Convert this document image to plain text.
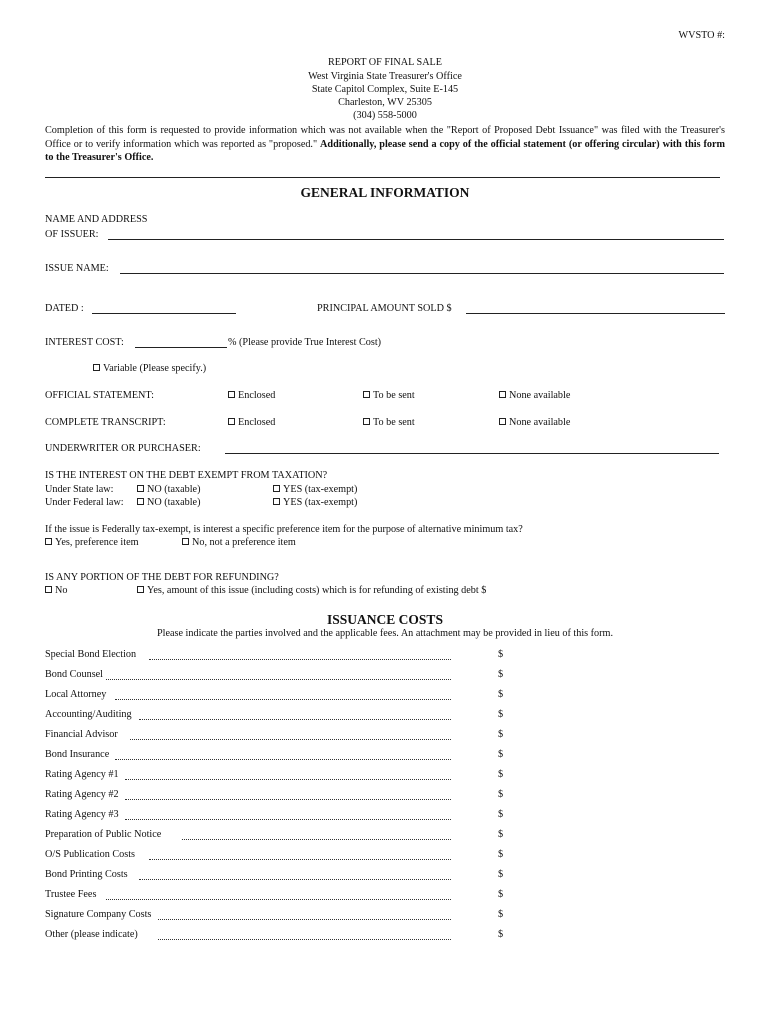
WVSTO #:
REPORT OF FINAL SALE
West Virginia State Treasurer's Office
State Capitol Complex, Suite E-145
Charleston, WV 25305
(304) 558-5000
Completion of this form is requested to provide information which was not available when the "Report of Proposed Debt Issuance" was filed with the Treasurer's Office or to verify information which was reported as "proposed." Additionally, please send a copy of the official statement (or offering circular) with this form to the Treasurer's Office.
GENERAL INFORMATION
NAME AND ADDRESS
OF ISSUER:
ISSUE NAME:
DATED :	PRINCIPAL AMOUNT SOLD $
INTEREST COST:	% (Please provide True Interest Cost)
Variable (Please specify.)
OFFICIAL STATEMENT:	Enclosed	To be sent	None available
COMPLETE TRANSCRIPT:	Enclosed	To be sent	None available
UNDERWRITER OR PURCHASER:
IS THE INTEREST ON THE DEBT EXEMPT FROM TAXATION?
Under State law:	NO (taxable)	YES (tax-exempt)
Under Federal law:	NO (taxable)	YES (tax-exempt)
If the issue is Federally tax-exempt, is interest a specific preference item for the purpose of alternative minimum tax?
Yes, preference item	No, not a preference item
IS ANY PORTION OF THE DEBT FOR REFUNDING?
No	Yes, amount of this issue (including costs) which is for refunding of existing debt $
ISSUANCE COSTS
Please indicate the parties involved and the applicable fees. An attachment may be provided in lieu of this form.
Special Bond Election	$
Bond Counsel	$
Local Attorney	$
Accounting/Auditing	$
Financial Advisor	$
Bond Insurance	$
Rating Agency #1	$
Rating Agency #2	$
Rating Agency #3	$
Preparation of Public Notice	$
O/S Publication Costs	$
Bond Printing Costs	$
Trustee Fees	$
Signature Company Costs	$
Other (please indicate)	$
